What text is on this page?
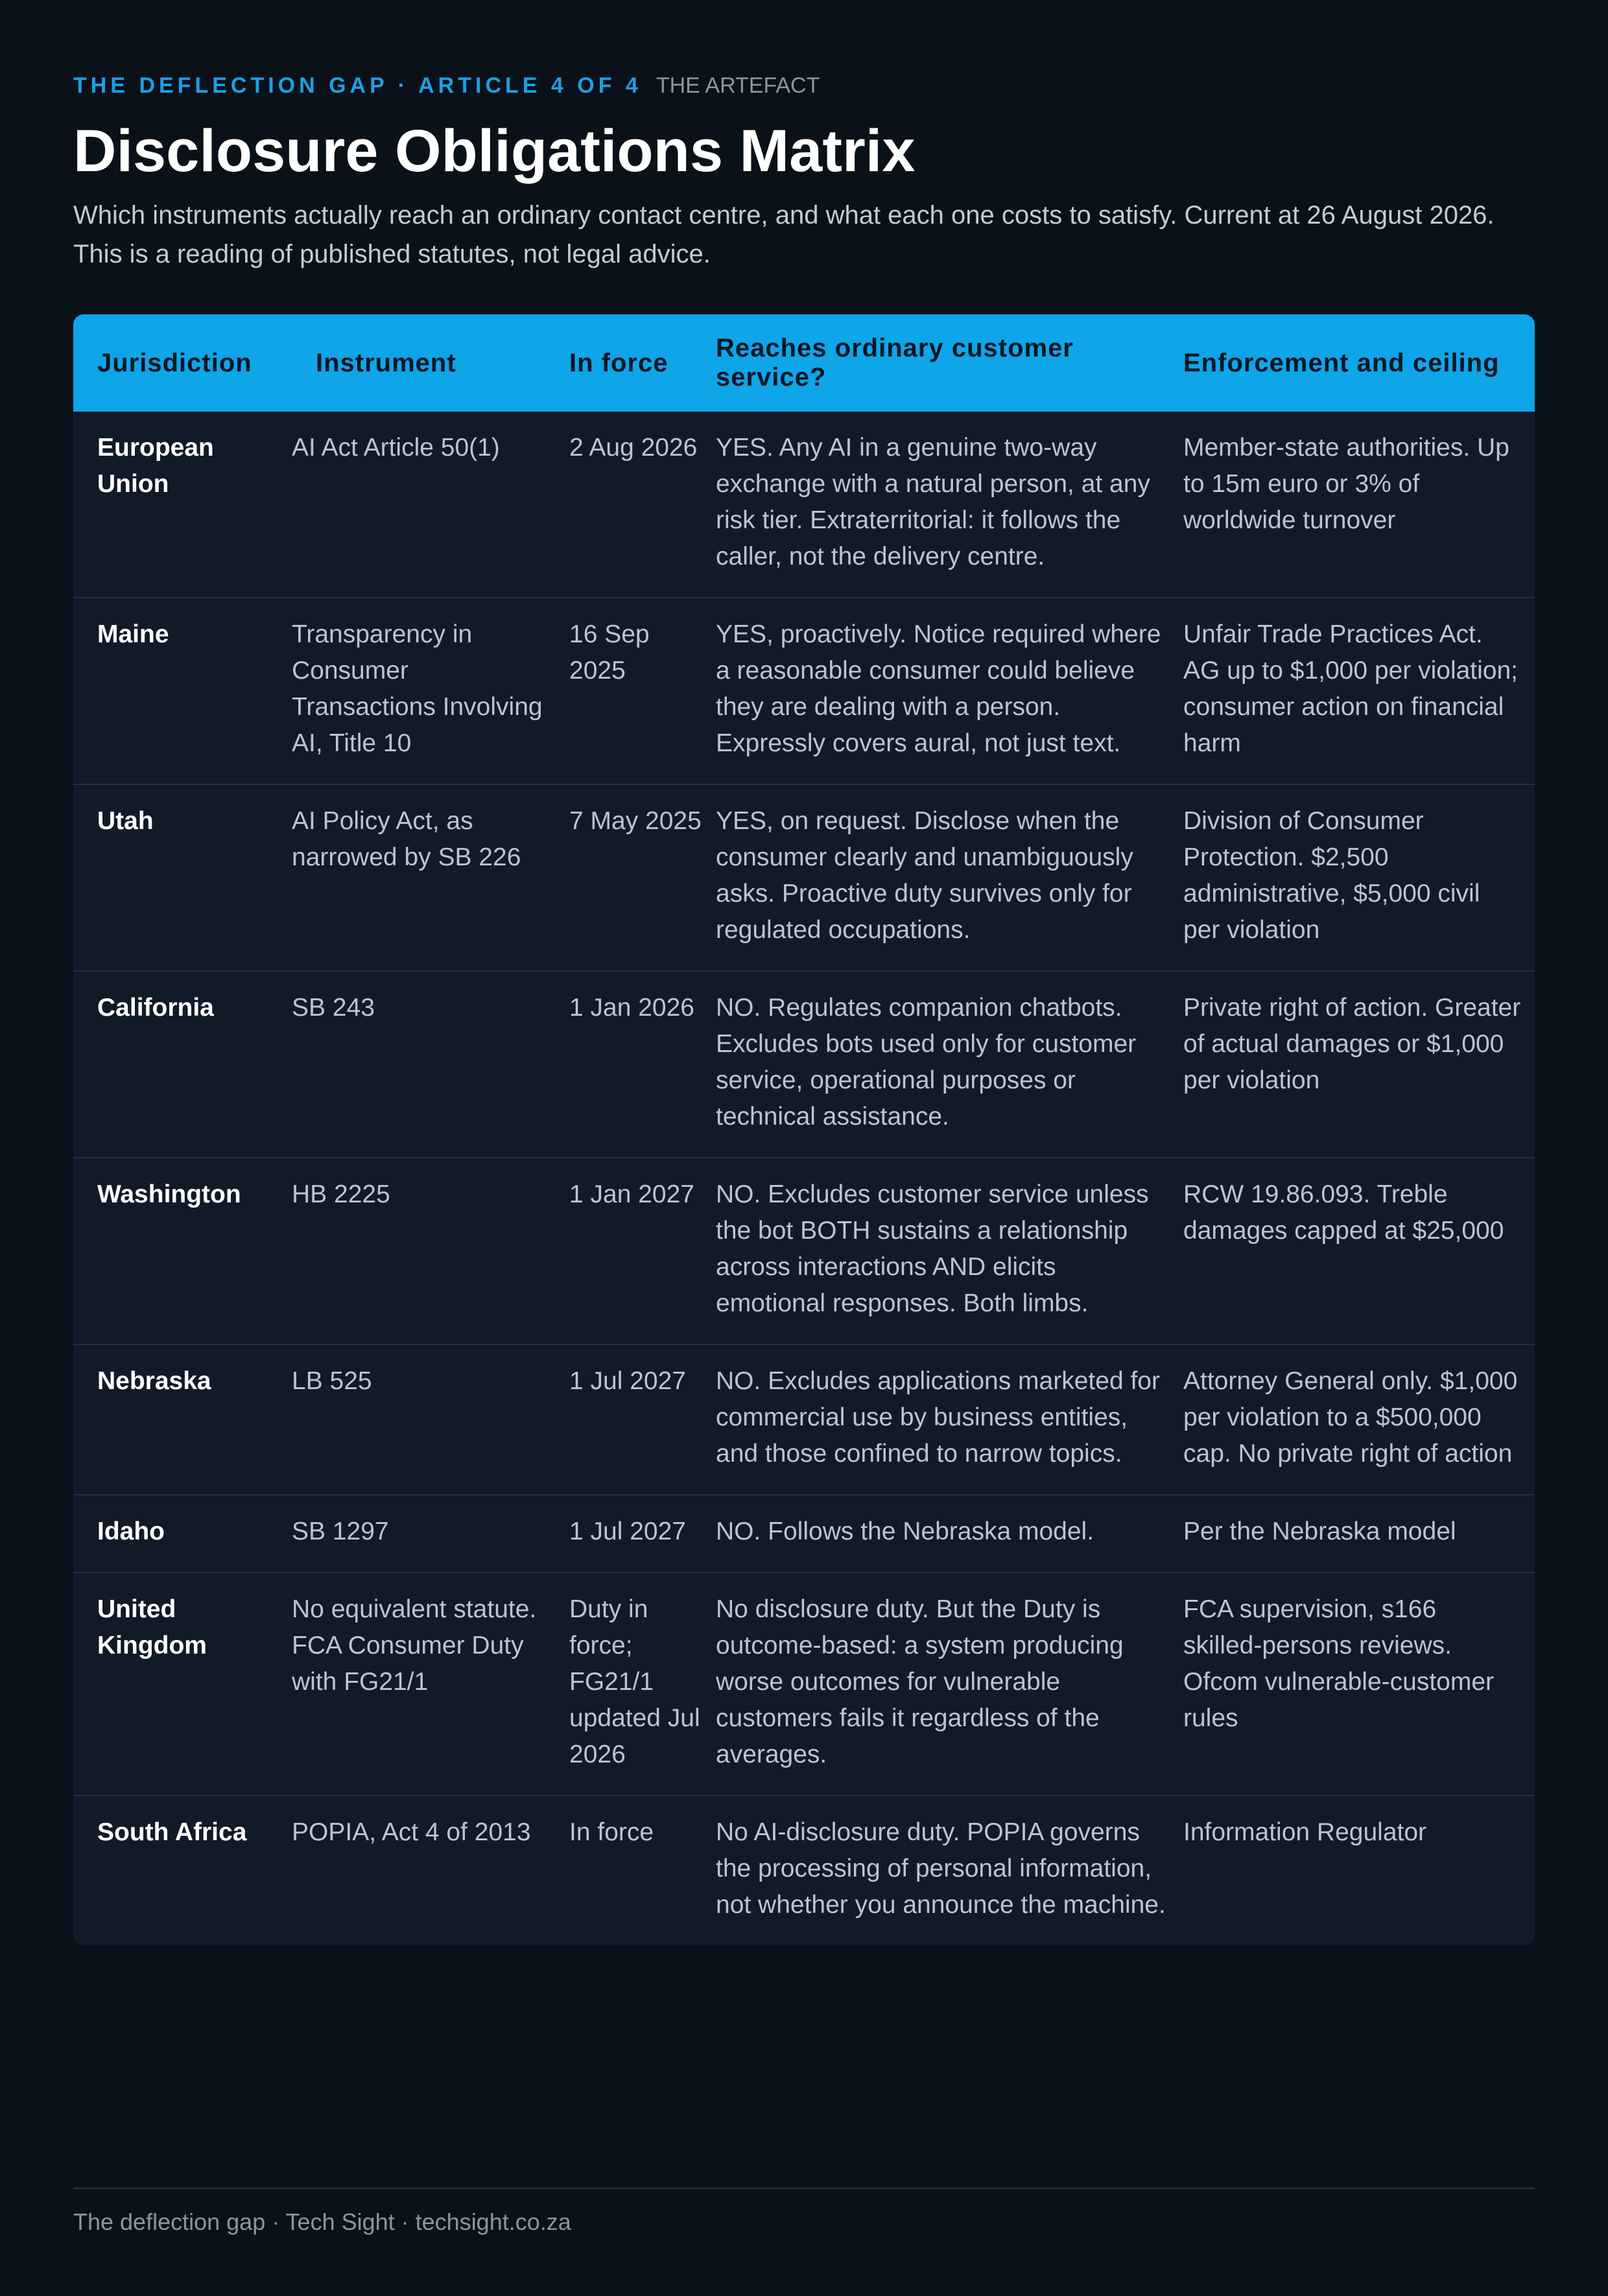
THE DEFLECTION GAP · ARTICLE 4 OF 4 THE ARTEFACT
Disclosure Obligations Matrix

Which instruments actually reach an ordinary contact centre, and what each one costs to satisfy. Current at 26 August 2026. This is a reading of published statutes, not legal advice.

Jurisdiction	Instrument	In force	Reaches ordinary customer service?	Enforcement and ceiling
European Union	AI Act Article 50(1)	2 Aug 2026	YES. Any AI in a genuine two-way exchange with a natural person, at any risk tier. Extraterritorial: it follows the caller, not the delivery centre.	Member-state authorities. Up to 15m euro or 3% of worldwide turnover
Maine	Transparency in Consumer Transactions Involving AI, Title 10	16 Sep 2025	YES, proactively. Notice required where a reasonable consumer could believe they are dealing with a person. Expressly covers aural, not just text.	Unfair Trade Practices Act. AG up to $1,000 per violation; consumer action on financial harm
Utah	AI Policy Act, as narrowed by SB 226	7 May 2025	YES, on request. Disclose when the consumer clearly and unambiguously asks. Proactive duty survives only for regulated occupations.	Division of Consumer Protection. $2,500 administrative, $5,000 civil per violation
California	SB 243	1 Jan 2026	NO. Regulates companion chatbots. Excludes bots used only for customer service, operational purposes or technical assistance.	Private right of action. Greater of actual damages or $1,000 per violation
Washington	HB 2225	1 Jan 2027	NO. Excludes customer service unless the bot BOTH sustains a relationship across interactions AND elicits emotional responses. Both limbs.	RCW 19.86.093. Treble damages capped at $25,000
Nebraska	LB 525	1 Jul 2027	NO. Excludes applications marketed for commercial use by business entities, and those confined to narrow topics.	Attorney General only. $1,000 per violation to a $500,000 cap. No private right of action
Idaho	SB 1297	1 Jul 2027	NO. Follows the Nebraska model.	Per the Nebraska model
United Kingdom	No equivalent statute. FCA Consumer Duty with FG21/1	Duty in force; FG21/1 updated Jul 2026	No disclosure duty. But the Duty is outcome-based: a system producing worse outcomes for vulnerable customers fails it regardless of the averages.	FCA supervision, s166 skilled-persons reviews. Ofcom vulnerable-customer rules
South Africa	POPIA, Act 4 of 2013	In force	No AI-disclosure duty. POPIA governs the processing of personal information, not whether you announce the machine.	Information Regulator
The deflection gap · Tech Sight · techsight.co.za
